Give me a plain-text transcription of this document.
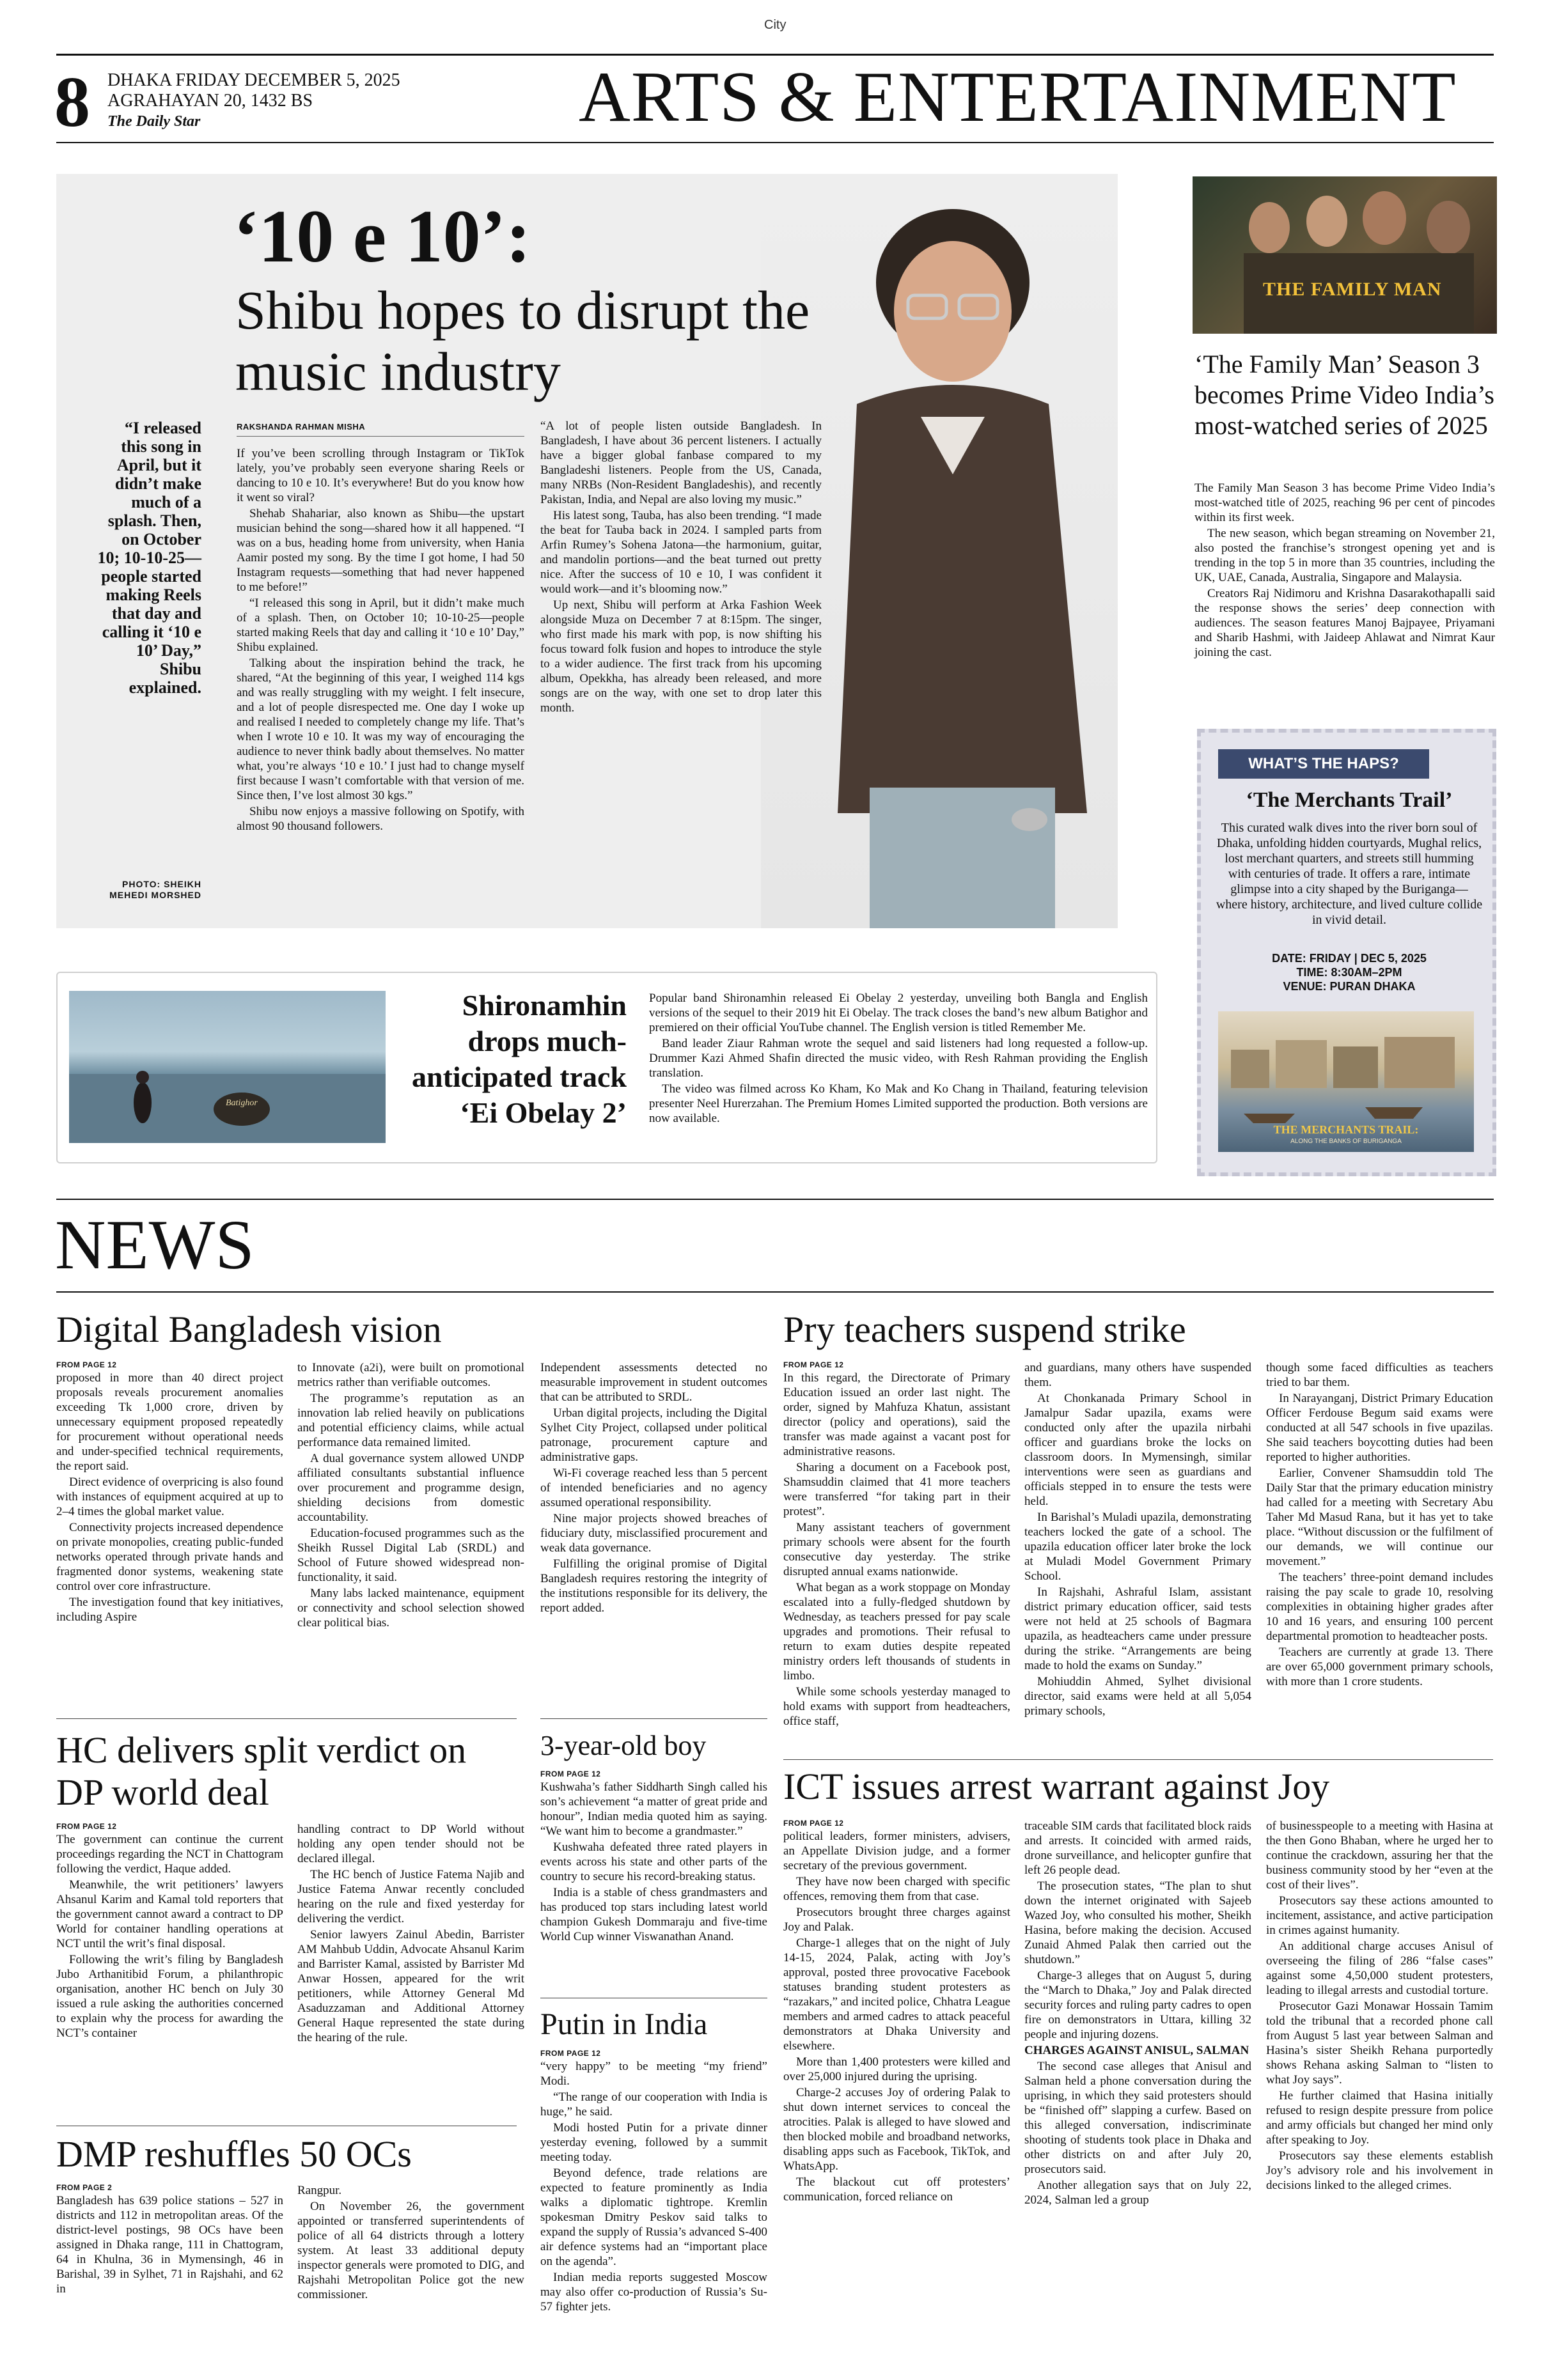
City
8 DHAKA FRIDAY DECEMBER 5, 2025
AGRAHAYAN 20, 1432 BS
The Daily Star	ARTS & ENTERTAINMENT
‘10 e 10’:
Shibu hopes to disrupt the music industry
“I released this song in April, but it didn’t make much of a splash. Then, on October 10; 10-10-25—people started making Reels that day and calling it ‘10 e 10’ Day,” Shibu explained.
PHOTO: SHEIKH MEHEDI MORSHED
RAKSHANDA RAHMAN MISHA

If you’ve been scrolling through Instagram or TikTok lately, you’ve probably seen everyone sharing Reels or dancing to 10 e 10. It’s everywhere! But do you know how it went so viral?

Shehab Shahariar, also known as Shibu—the upstart musician behind the song—shared how it all happened. “I was on a bus, heading home from university, when Hania Aamir posted my song. By the time I got home, I had 50 Instagram requests—something that had never happened to me before!”

“I released this song in April, but it didn’t make much of a splash. Then, on October 10; 10-10-25—people started making Reels that day and calling it ‘10 e 10’ Day,” Shibu explained.

Talking about the inspiration behind the track, he shared, “At the beginning of this year, I weighed 114 kgs and was really struggling with my weight. I felt insecure, and a lot of people disrespected me. One day I woke up and realised I needed to completely change my life. That’s when I wrote 10 e 10. It was my way of encouraging the audience to never think badly about themselves. No matter what, you’re always ‘10 e 10.’ I just had to change myself first because I wasn’t comfortable with that version of me. Since then, I’ve lost almost 30 kgs.”

Shibu now enjoys a massive following on Spotify, with almost 90 thousand followers.

“A lot of people listen outside Bangladesh. In Bangladesh, I have about 36 percent listeners. I actually have a bigger global fanbase compared to my Bangladeshi listeners. People from the US, Canada, many NRBs (Non-Resident Bangladeshis), and recently Pakistan, India, and Nepal are also loving my music.”

His latest song, Tauba, has also been trending. “I made the beat for Tauba back in 2024. I sampled parts from Arfin Rumey’s Sohena Jatona—the harmonium, guitar, and mandolin portions—and the beat turned out pretty nice. After the success of 10 e 10, I was confident it would work—and it’s blooming now.”

Up next, Shibu will perform at Arka Fashion Week alongside Muza on December 7 at 8:15pm. The singer, who first made his mark with pop, is now shifting his focus toward folk fusion and hopes to introduce the style to a wider audience. The first track from his upcoming album, Opekkha, has already been released, and more songs are on the way, with one set to drop later this month.

THE FAMILY MAN
‘The Family Man’ Season 3 becomes Prime Video India’s most-watched series of 2025

The Family Man Season 3 has become Prime Video India’s most-watched title of 2025, reaching 96 per cent of pincodes within its first week.

The new season, which began streaming on November 21, also posted the franchise’s strongest opening yet and is trending in the top 5 in more than 35 countries, including the UK, UAE, Canada, Australia, Singapore and Malaysia.

Creators Raj Nidimoru and Krishna Dasarakothapalli said the response shows the series’ deep connection with audiences. The season features Manoj Bajpayee, Priyamani and Sharib Hashmi, with Jaideep Ahlawat and Nimrat Kaur joining the cast.

WHAT’S THE HAPS?
‘The Merchants Trail’
This curated walk dives into the river born soul of Dhaka, unfolding hidden courtyards, Mughal relics, lost merchant quarters, and streets still humming with centuries of trade. It offers a rare, intimate glimpse into a city shaped by the Buriganga—where history, architecture, and lived culture collide in vivid detail.
DATE: FRIDAY | DEC 5, 2025
TIME: 8:30AM–2PM
VENUE: PURAN DHAKA
THE MERCHANTS TRAIL:
ALONG THE BANKS OF BURIGANGA
Batighor
Shironamhin drops much-anticipated track ‘Ei Obelay 2’

Popular band Shironamhin released Ei Obelay 2 yesterday, unveiling both Bangla and English versions of the sequel to their 2019 hit Ei Obelay. The track closes the band’s new album Batighor and premiered on their official YouTube channel. The English version is titled Remember Me.

Band leader Ziaur Rahman wrote the sequel and said listeners had long requested a follow-up. Drummer Kazi Ahmed Shafin directed the music video, with Resh Rahman providing the English translation.

The video was filmed across Ko Kham, Ko Mak and Ko Chang in Thailand, featuring television presenter Neel Hurerzahan. The Premium Homes Limited supported the production. Both versions are now available.

NEWS
Digital Bangladesh vision
FROM PAGE 12

proposed in more than 40 direct project proposals reveals procurement anomalies exceeding Tk 1,000 crore, driven by unnecessary equipment proposed repeatedly for procurement without operational needs and under-specified technical requirements, the report said.

Direct evidence of overpricing is also found with instances of equipment acquired at up to 2–4 times the global market value.

Connectivity projects increased dependence on private monopolies, creating public-funded networks operated through private hands and fragmented donor systems, weakening state control over core infrastructure.

The investigation found that key initiatives, including Aspire

to Innovate (a2i), were built on promotional metrics rather than verifiable outcomes.

The programme’s reputation as an innovation lab relied heavily on publications and potential efficiency claims, while actual performance data remained limited.

A dual governance system allowed UNDP affiliated consultants substantial influence over procurement and programme design, shielding decisions from domestic accountability.

Education-focused programmes such as the Sheikh Russel Digital Lab (SRDL) and School of Future showed widespread non-functionality, it said.

Many labs lacked maintenance, equipment or connectivity and school selection showed clear political bias.

Independent assessments detected no measurable improvement in student outcomes that can be attributed to SRDL.

Urban digital projects, including the Digital Sylhet City Project, collapsed under political patronage, procurement capture and administrative gaps.

Wi-Fi coverage reached less than 5 percent of intended beneficiaries and no agency assumed operational responsibility.

Nine major projects showed breaches of fiduciary duty, misclassified procurement and weak data governance.

Fulfilling the original promise of Digital Bangladesh requires restoring the integrity of the institutions responsible for its delivery, the report added.

HC delivers split verdict on DP world deal
FROM PAGE 12

The government can continue the current proceedings regarding the NCT in Chattogram following the verdict, Haque added.

Meanwhile, the writ petitioners’ lawyers Ahsanul Karim and Kamal told reporters that the government cannot award a contract to DP World for container handling operations at NCT until the writ’s final disposal.

Following the writ’s filing by Bangladesh Jubo Arthanitibid Forum, a philanthropic organisation, another HC bench on July 30 issued a rule asking the authorities concerned to explain why the process for awarding the NCT’s container

handling contract to DP World without holding any open tender should not be declared illegal.

The HC bench of Justice Fatema Najib and Justice Fatema Anwar recently concluded hearing on the rule and fixed yesterday for delivering the verdict.

Senior lawyers Zainul Abedin, Barrister AM Mahbub Uddin, Advocate Ahsanul Karim and Barrister Kamal, assisted by Barrister Md Anwar Hossen, appeared for the writ petitioners, while Attorney General Md Asaduzzaman and Additional Attorney General Haque represented the state during the hearing of the rule.

3-year-old boy
FROM PAGE 12

Kushwaha’s father Siddharth Singh called his son’s achievement “a matter of great pride and honour”, Indian media quoted him as saying. “We want him to become a grandmaster.”

Kushwaha defeated three rated players in events across his state and other parts of the country to secure his record-breaking status.

India is a stable of chess grandmasters and has produced top stars including latest world champion Gukesh Dommaraju and five-time World Cup winner Viswanathan Anand.

Putin in India
FROM PAGE 12

“very happy” to be meeting “my friend” Modi.

“The range of our cooperation with India is huge,” he said.

Modi hosted Putin for a private dinner yesterday evening, followed by a summit meeting today.

Beyond defence, trade relations are expected to feature prominently as India walks a diplomatic tightrope. Kremlin spokesman Dmitry Peskov said talks to expand the supply of Russia’s advanced S-400 air defence systems had an “important place on the agenda”.

Indian media reports suggested Moscow may also offer co-production of Russia’s Su-57 fighter jets.

DMP reshuffles 50 OCs
FROM PAGE 2

Bangladesh has 639 police stations – 527 in districts and 112 in metropolitan areas. Of the district-level postings, 98 OCs have been assigned in Dhaka range, 111 in Chattogram, 64 in Khulna, 36 in Mymensingh, 46 in Barishal, 39 in Sylhet, 71 in Rajshahi, and 62 in

Rangpur.

On November 26, the government appointed or transferred superintendents of police of all 64 districts through a lottery system. At least 33 additional deputy inspector generals were promoted to DIG, and Rajshahi Metropolitan Police got the new commissioner.

Pry teachers suspend strike
FROM PAGE 12

In this regard, the Directorate of Primary Education issued an order last night. The order, signed by Mahfuza Khatun, assistant director (policy and operations), said the transfer was made against a vacant post for administrative reasons.

Sharing a document on a Facebook post, Shamsuddin claimed that 41 more teachers were transferred “for taking part in their protest”.

Many assistant teachers of government primary schools were absent for the fourth consecutive day yesterday. The strike disrupted annual exams nationwide.

What began as a work stoppage on Monday escalated into a fully-fledged shutdown by Wednesday, as teachers pressed for pay scale upgrades and promotions. Their refusal to return to exam duties despite repeated ministry orders left thousands of students in limbo.

While some schools yesterday managed to hold exams with support from headteachers, office staff,

and guardians, many others have suspended them.

At Chonkanada Primary School in Jamalpur Sadar upazila, exams were conducted only after the upazila nirbahi officer and guardians broke the locks on classroom doors. In Mymensingh, similar interventions were seen as guardians and officials stepped in to ensure the tests were held.

In Barishal’s Muladi upazila, demonstrating teachers locked the gate of a school. The upazila education officer later broke the lock at Muladi Model Government Primary School.

In Rajshahi, Ashraful Islam, assistant district primary education officer, said tests were not held at 25 schools of Bagmara upazila, as headteachers came under pressure during the strike. “Arrangements are being made to hold the exams on Sunday.”

Mohiuddin Ahmed, Sylhet divisional director, said exams were held at all 5,054 primary schools,

though some faced difficulties as teachers tried to bar them.

In Narayanganj, District Primary Education Officer Ferdouse Begum said exams were conducted at all 547 schools in five upazilas. She said teachers boycotting duties had been reported to higher authorities.

Earlier, Convener Shamsuddin told The Daily Star that the primary education ministry had called for a meeting with Secretary Abu Taher Md Masud Rana, but it has yet to take place. “Without discussion or the fulfilment of our demands, we will continue our movement.”

The teachers’ three-point demand includes raising the pay scale to grade 10, resolving complexities in obtaining higher grades after 10 and 16 years, and ensuring 100 percent departmental promotion to headteacher posts.

Teachers are currently at grade 13. There are over 65,000 government primary schools, with more than 1 crore students.

ICT issues arrest warrant against Joy
FROM PAGE 12

political leaders, former ministers, advisers, an Appellate Division judge, and a former secretary of the previous government.

They have now been charged with specific offences, removing them from that case.

Prosecutors brought three charges against Joy and Palak.

Charge-1 alleges that on the night of July 14-15, 2024, Palak, acting with Joy’s approval, posted three provocative Facebook statuses branding student protesters as “razakars,” and incited police, Chhatra League members and armed cadres to attack peaceful demonstrators at Dhaka University and elsewhere.

More than 1,400 protesters were killed and over 25,000 injured during the uprising.

Charge-2 accuses Joy of ordering Palak to shut down internet services to conceal the atrocities. Palak is alleged to have slowed and then blocked mobile and broadband networks, disabling apps such as Facebook, TikTok, and WhatsApp.

The blackout cut off protesters’ communication, forced reliance on

traceable SIM cards that facilitated block raids and arrests. It coincided with armed raids, drone surveillance, and helicopter gunfire that left 26 people dead.

The prosecution states, “The plan to shut down the internet originated with Sajeeb Wazed Joy, who consulted his mother, Sheikh Hasina, before making the decision. Accused Zunaid Ahmed Palak then carried out the shutdown.”

Charge-3 alleges that on August 5, during the “March to Dhaka,” Joy and Palak directed security forces and ruling party cadres to open fire on demonstrators in Uttara, killing 32 people and injuring dozens.

CHARGES AGAINST ANISUL, SALMAN

The second case alleges that Anisul and Salman held a phone conversation during the uprising, in which they said protesters should be “finished off” slapping a curfew. Based on this alleged conversation, indiscriminate shooting of students took place in Dhaka and other districts on and after July 20, prosecutors said.

Another allegation says that on July 22, 2024, Salman led a group

of businesspeople to a meeting with Hasina at the then Gono Bhaban, where he urged her to continue the crackdown, assuring her that the business community stood by her “even at the cost of their lives”.

Prosecutors say these actions amounted to incitement, assistance, and active participation in crimes against humanity.

An additional charge accuses Anisul of overseeing the filing of 286 “false cases” against some 4,50,000 student protesters, leading to illegal arrests and custodial torture.

Prosecutor Gazi Monawar Hossain Tamim told the tribunal that a recorded phone call from August 5 last year between Salman and Hasina’s sister Sheikh Rehana purportedly shows Rehana asking Salman to “listen to what Joy says”.

He further claimed that Hasina initially refused to resign despite pressure from police and army officials but changed her mind only after speaking to Joy.

Prosecutors say these elements establish Joy’s advisory role and his involvement in decisions linked to the alleged crimes.
